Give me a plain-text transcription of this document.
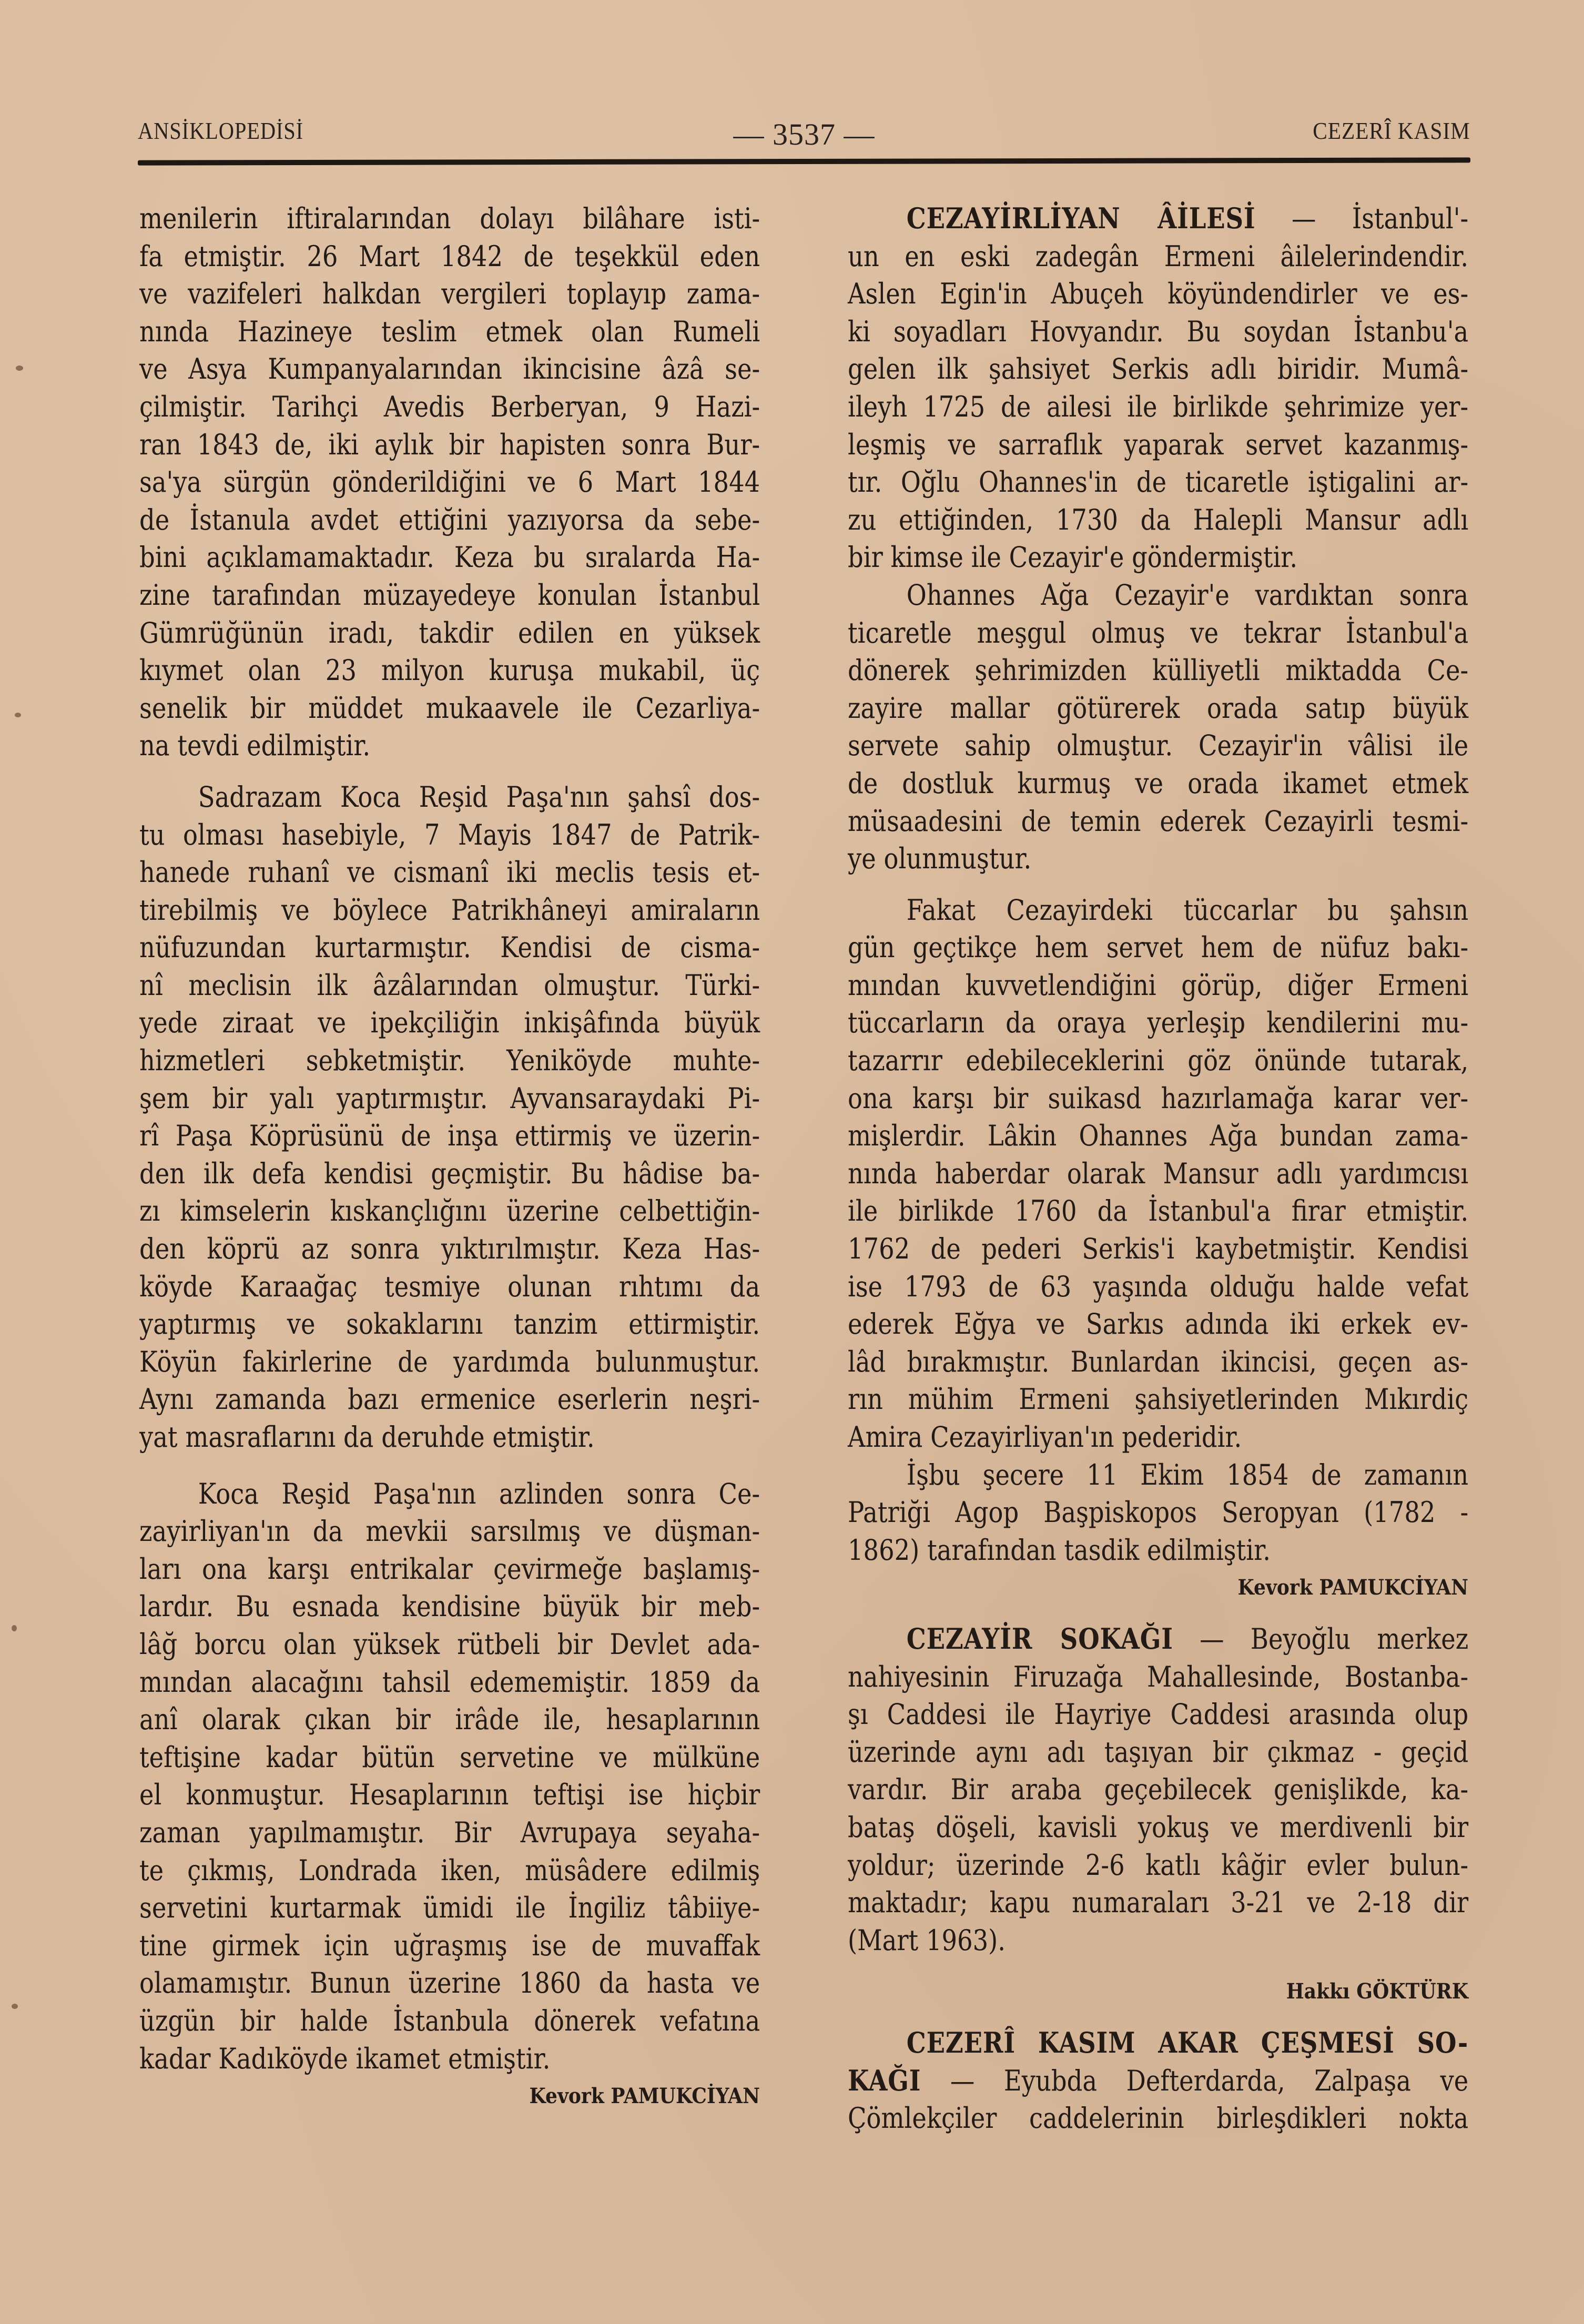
ANSİKLOPEDİSİ	— 3537 —	CEZERÎ KASIM
menilerin iftiralarından dolayı bilâhare isti-
fa etmiştir. 26 Mart 1842 de teşekkül eden
ve vazifeleri halkdan vergileri toplayıp zama-
nında Hazineye teslim etmek olan Rumeli
ve Asya Kumpanyalarından ikincisine âzâ se-
çilmiştir. Tarihçi Avedis Berberyan, 9 Hazi-
ran 1843 de, iki aylık bir hapisten sonra Bur-
sa'ya sürgün gönderildiğini ve 6 Mart 1844
de İstanula avdet ettiğini yazıyorsa da sebe-
bini açıklamamaktadır. Keza bu sıralarda Ha-
zine tarafından müzayedeye konulan İstanbul
Gümrüğünün iradı, takdir edilen en yüksek
kıymet olan 23 milyon kuruşa mukabil, üç
senelik bir müddet mukaavele ile Cezarliya-
na tevdi edilmiştir.
Sadrazam Koca Reşid Paşa'nın şahsî dos-
tu olması hasebiyle, 7 Mayis 1847 de Patrik-
hanede ruhanî ve cismanî iki meclis tesis et-
tirebilmiş ve böylece Patrikhâneyi amiraların
nüfuzundan kurtarmıştır. Kendisi de cisma-
nî meclisin ilk âzâlarından olmuştur. Türki-
yede ziraat ve ipekçiliğin inkişâfında büyük
hizmetleri sebketmiştir. Yeniköyde muhte-
şem bir yalı yaptırmıştır. Ayvansaraydaki Pi-
rî Paşa Köprüsünü de inşa ettirmiş ve üzerin-
den ilk defa kendisi geçmiştir. Bu hâdise ba-
zı kimselerin kıskançlığını üzerine celbettiğin-
den köprü az sonra yıktırılmıştır. Keza Has-
köyde Karaağaç tesmiye olunan rıhtımı da
yaptırmış ve sokaklarını tanzim ettirmiştir.
Köyün fakirlerine de yardımda bulunmuştur.
Aynı zamanda bazı ermenice eserlerin neşri-
yat masraflarını da deruhde etmiştir.
Koca Reşid Paşa'nın azlinden sonra Ce-
zayirliyan'ın da mevkii sarsılmış ve düşman-
ları ona karşı entrikalar çevirmeğe başlamış-
lardır. Bu esnada kendisine büyük bir meb-
lâğ borcu olan yüksek rütbeli bir Devlet ada-
mından alacağını tahsil edememiştir. 1859 da
anî olarak çıkan bir irâde ile, hesaplarının
teftişine kadar bütün servetine ve mülküne
el konmuştur. Hesaplarının teftişi ise hiçbir
zaman yapılmamıştır. Bir Avrupaya seyaha-
te çıkmış, Londrada iken, müsâdere edilmiş
servetini kurtarmak ümidi ile İngiliz tâbiiye-
tine girmek için uğraşmış ise de muvaffak
olamamıştır. Bunun üzerine 1860 da hasta ve
üzgün bir halde İstanbula dönerek vefatına
kadar Kadıköyde ikamet etmiştir.
Kevork PAMUKCİYAN
CEZAYİRLİYAN ÂİLESİ — İstanbul'-
un en eski zadegân Ermeni âilelerindendir.
Aslen Egin'in Abuçeh köyündendirler ve es-
ki soyadları Hovyandır. Bu soydan İstanbu'a
gelen ilk şahsiyet Serkis adlı biridir. Mumâ-
ileyh 1725 de ailesi ile birlikde şehrimize yer-
leşmiş ve sarraflık yaparak servet kazanmış-
tır. Oğlu Ohannes'in de ticaretle iştigalini ar-
zu ettiğinden, 1730 da Halepli Mansur adlı
bir kimse ile Cezayir'e göndermiştir.
Ohannes Ağa Cezayir'e vardıktan sonra
ticaretle meşgul olmuş ve tekrar İstanbul'a
dönerek şehrimizden külliyetli miktadda Ce-
zayire mallar götürerek orada satıp büyük
servete sahip olmuştur. Cezayir'in vâlisi ile
de dostluk kurmuş ve orada ikamet etmek
müsaadesini de temin ederek Cezayirli tesmi-
ye olunmuştur.
Fakat Cezayirdeki tüccarlar bu şahsın
gün geçtikçe hem servet hem de nüfuz bakı-
mından kuvvetlendiğini görüp, diğer Ermeni
tüccarların da oraya yerleşip kendilerini mu-
tazarrır edebileceklerini göz önünde tutarak,
ona karşı bir suikasd hazırlamağa karar ver-
mişlerdir. Lâkin Ohannes Ağa bundan zama-
nında haberdar olarak Mansur adlı yardımcısı
ile birlikde 1760 da İstanbul'a firar etmiştir.
1762 de pederi Serkis'i kaybetmiştir. Kendisi
ise 1793 de 63 yaşında olduğu halde vefat
ederek Eğya ve Sarkıs adında iki erkek ev-
lâd bırakmıştır. Bunlardan ikincisi, geçen as-
rın mühim Ermeni şahsiyetlerinden Mıkırdiç
Amira Cezayirliyan'ın pederidir.
İşbu şecere 11 Ekim 1854 de zamanın
Patriği Agop Başpiskopos Seropyan (1782 -
1862) tarafından tasdik edilmiştir.
Kevork PAMUKCİYAN
CEZAYİR SOKAĞI — Beyoğlu merkez
nahiyesinin Firuzağa Mahallesinde, Bostanba-
şı Caddesi ile Hayriye Caddesi arasında olup
üzerinde aynı adı taşıyan bir çıkmaz - geçid
vardır. Bir araba geçebilecek genişlikde, ka-
bataş döşeli, kavisli yokuş ve merdivenli bir
yoldur; üzerinde 2-6 katlı kâğir evler bulun-
maktadır; kapu numaraları 3-21 ve 2-18 dir
(Mart 1963).
Hakkı GÖKTÜRK
CEZERÎ KASIM AKAR ÇEŞMESİ SO-
KAĞI — Eyubda Defterdarda, Zalpaşa ve
Çömlekçiler caddelerinin birleşdikleri nokta
